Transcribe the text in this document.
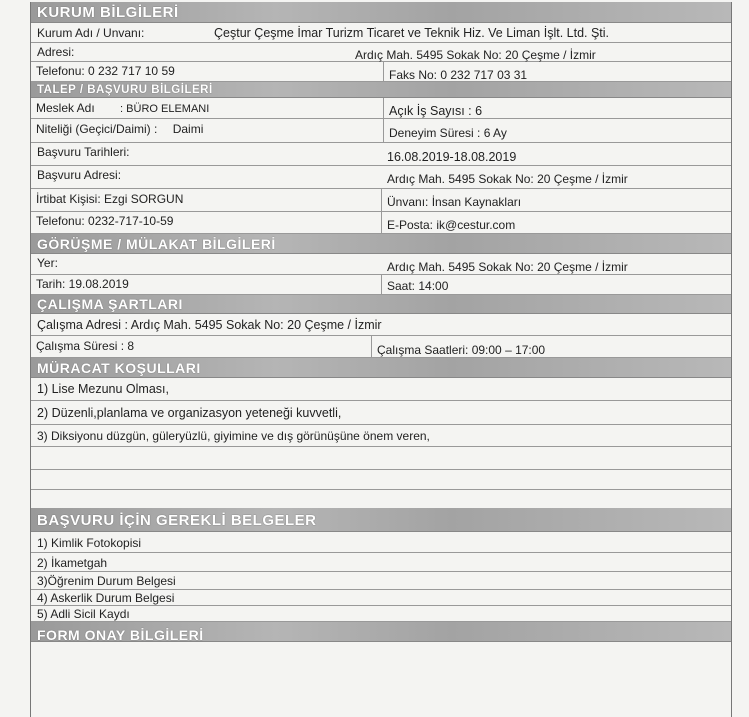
KURUM BİLGİLERİ
Kurum Adı / Unvanı:	Çeştur Çeşme İmar Turizm Ticaret ve Teknik Hiz. Ve Liman İşlt. Ltd. Şti.
Adresi:	Ardıç Mah. 5495 Sokak No: 20 Çeşme / İzmir
Telefonu: 0 232 717 10 59	Faks No: 0 232 717 03 31
TALEP / BAŞVURU BİLGİLERİ
Meslek Adı : BÜRO ELEMANI	Açık İş Sayısı : 6
Niteliği (Geçici/Daimi) : Daimi	Deneyim Süresi : 6 Ay
Başvuru Tarihleri:	16.08.2019-18.08.2019
Başvuru Adresi:	Ardıç Mah. 5495 Sokak No: 20 Çeşme / İzmir
İrtibat Kişisi: Ezgi SORGUN	Ünvanı: İnsan Kaynakları
Telefonu: 0232-717-10-59	E-Posta: ik@cestur.com
GÖRÜŞME / MÜLAKAT BİLGİLERİ
Yer:	Ardıç Mah. 5495 Sokak No: 20 Çeşme / İzmir
Tarih: 19.08.2019	Saat: 14:00
ÇALIŞMA ŞARTLARI
Çalışma Adresi : Ardıç Mah. 5495 Sokak No: 20 Çeşme / İzmir
Çalışma Süresi : 8	Çalışma Saatleri: 09:00 – 17:00
MÜRACAT KOŞULLARI
1) Lise Mezunu Olması,
2) Düzenli,planlama ve organizasyon yeteneği kuvvetli,
3) Diksiyonu düzgün, güleryüzlü, giyimine ve dış görünüşüne önem veren,
BAŞVURU İÇİN GEREKLİ BELGELER
1) Kimlik Fotokopisi
2) İkametgah
3)Öğrenim Durum Belgesi
4) Askerlik Durum Belgesi
5) Adli Sicil Kaydı
FORM ONAY BİLGİLERİ
